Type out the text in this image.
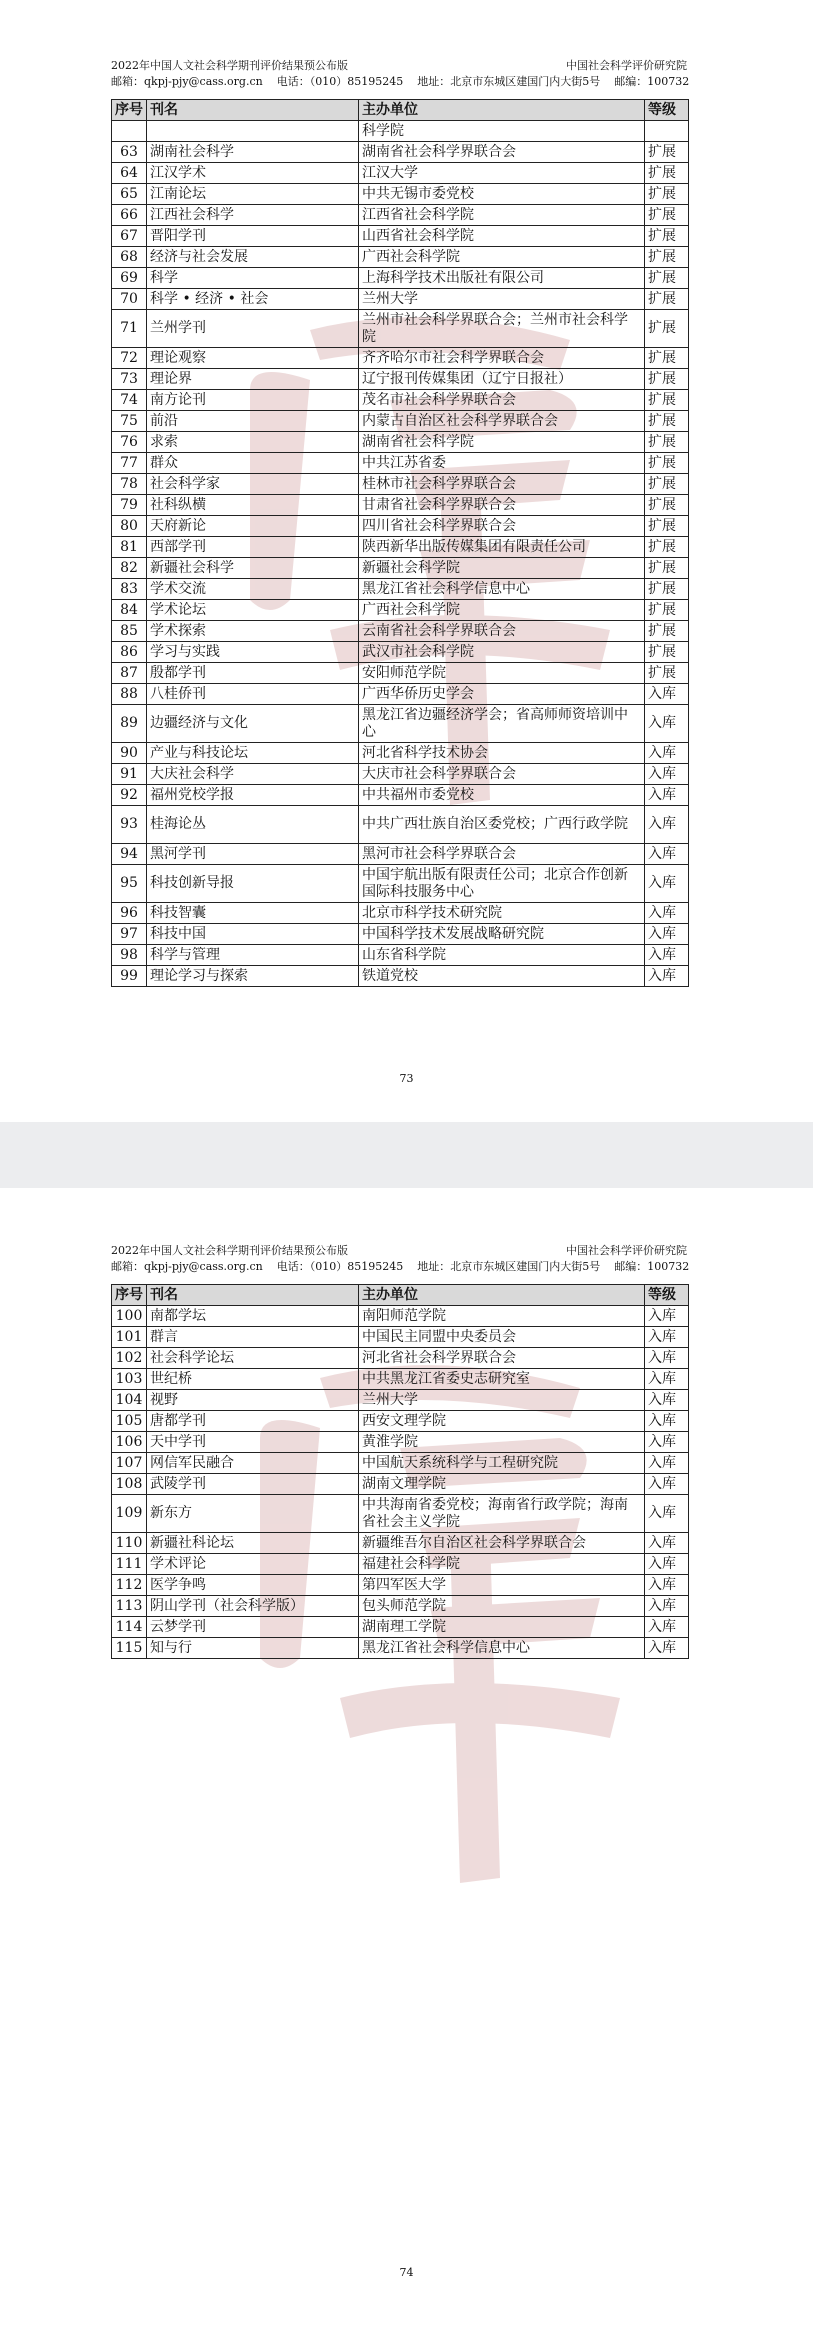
2022年中国人文社会科学期刊评价结果预公布版	中国社会科学评价研究院
邮箱：qkpj-pjy@cass.org.cn
电话：（010）85195245
地址：北京市东城区建国门内大街5号
邮编：100732
序号	刊名	主办单位	等级
		科学院	
63	湖南社会科学	湖南省社会科学界联合会	扩展
64	江汉学术	江汉大学	扩展
65	江南论坛	中共无锡市委党校	扩展
66	江西社会科学	江西省社会科学院	扩展
67	晋阳学刊	山西省社会科学院	扩展
68	经济与社会发展	广西社会科学院	扩展
69	科学	上海科学技术出版社有限公司	扩展
70	科学 • 经济 • 社会	兰州大学	扩展
71	兰州学刊	兰州市社会科学界联合会；兰州市社会科学院	扩展
72	理论观察	齐齐哈尔市社会科学界联合会	扩展
73	理论界	辽宁报刊传媒集团（辽宁日报社）	扩展
74	南方论刊	茂名市社会科学界联合会	扩展
75	前沿	内蒙古自治区社会科学界联合会	扩展
76	求索	湖南省社会科学院	扩展
77	群众	中共江苏省委	扩展
78	社会科学家	桂林市社会科学界联合会	扩展
79	社科纵横	甘肃省社会科学界联合会	扩展
80	天府新论	四川省社会科学界联合会	扩展
81	西部学刊	陕西新华出版传媒集团有限责任公司	扩展
82	新疆社会科学	新疆社会科学院	扩展
83	学术交流	黑龙江省社会科学信息中心	扩展
84	学术论坛	广西社会科学院	扩展
85	学术探索	云南省社会科学界联合会	扩展
86	学习与实践	武汉市社会科学院	扩展
87	殷都学刊	安阳师范学院	扩展
88	八桂侨刊	广西华侨历史学会	入库
89	边疆经济与文化	黑龙江省边疆经济学会；省高师师资培训中心	入库
90	产业与科技论坛	河北省科学技术协会	入库
91	大庆社会科学	大庆市社会科学界联合会	入库
92	福州党校学报	中共福州市委党校	入库
93	桂海论丛	中共广西壮族自治区委党校；广西行政学院	入库
94	黑河学刊	黑河市社会科学界联合会	入库
95	科技创新导报	中国宇航出版有限责任公司；北京合作创新国际科技服务中心	入库
96	科技智囊	北京市科学技术研究院	入库
97	科技中国	中国科学技术发展战略研究院	入库
98	科学与管理	山东省科学院	入库
99	理论学习与探索	铁道党校	入库
73
2022年中国人文社会科学期刊评价结果预公布版	中国社会科学评价研究院
邮箱：qkpj-pjy@cass.org.cn
电话：（010）85195245
地址：北京市东城区建国门内大街5号
邮编：100732
序号	刊名	主办单位	等级
100	南都学坛	南阳师范学院	入库
101	群言	中国民主同盟中央委员会	入库
102	社会科学论坛	河北省社会科学界联合会	入库
103	世纪桥	中共黑龙江省委史志研究室	入库
104	视野	兰州大学	入库
105	唐都学刊	西安文理学院	入库
106	天中学刊	黄淮学院	入库
107	网信军民融合	中国航天系统科学与工程研究院	入库
108	武陵学刊	湖南文理学院	入库
109	新东方	中共海南省委党校；海南省行政学院；海南省社会主义学院	入库
110	新疆社科论坛	新疆维吾尔自治区社会科学界联合会	入库
111	学术评论	福建社会科学院	入库
112	医学争鸣	第四军医大学	入库
113	阴山学刊（社会科学版）	包头师范学院	入库
114	云梦学刊	湖南理工学院	入库
115	知与行	黑龙江省社会科学信息中心	入库
74
